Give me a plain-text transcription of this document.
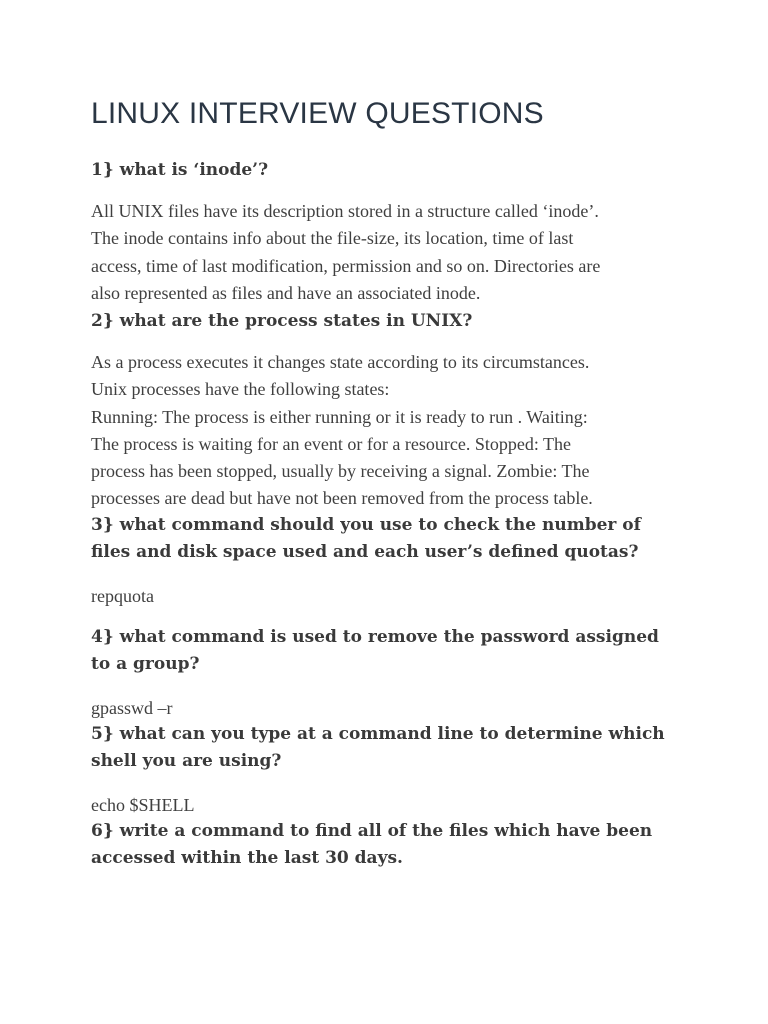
LINUX INTERVIEW QUESTIONS

1} what is ‘inode’?

All UNIX files have its description stored in a structure called ‘inode’.
The inode contains info about the file-size, its location, time of last
access, time of last modification, permission and so on. Directories are
also represented as files and have an associated inode.

2} what are the process states in UNIX?

As a process executes it changes state according to its circumstances.
Unix processes have the following states:
Running: The process is either running or it is ready to run . Waiting:
The process is waiting for an event or for a resource. Stopped: The
process has been stopped, usually by receiving a signal. Zombie: The
processes are dead but have not been removed from the process table.
3} what command should you use to check the number of
files and disk space used and each user’s defined quotas?

repquota

4} what command is used to remove the password assigned
to a group?

gpasswd –r

5} what can you type at a command line to determine which
shell you are using?

echo $SHELL

6} write a command to find all of the files which have been
accessed within the last 30 days.
